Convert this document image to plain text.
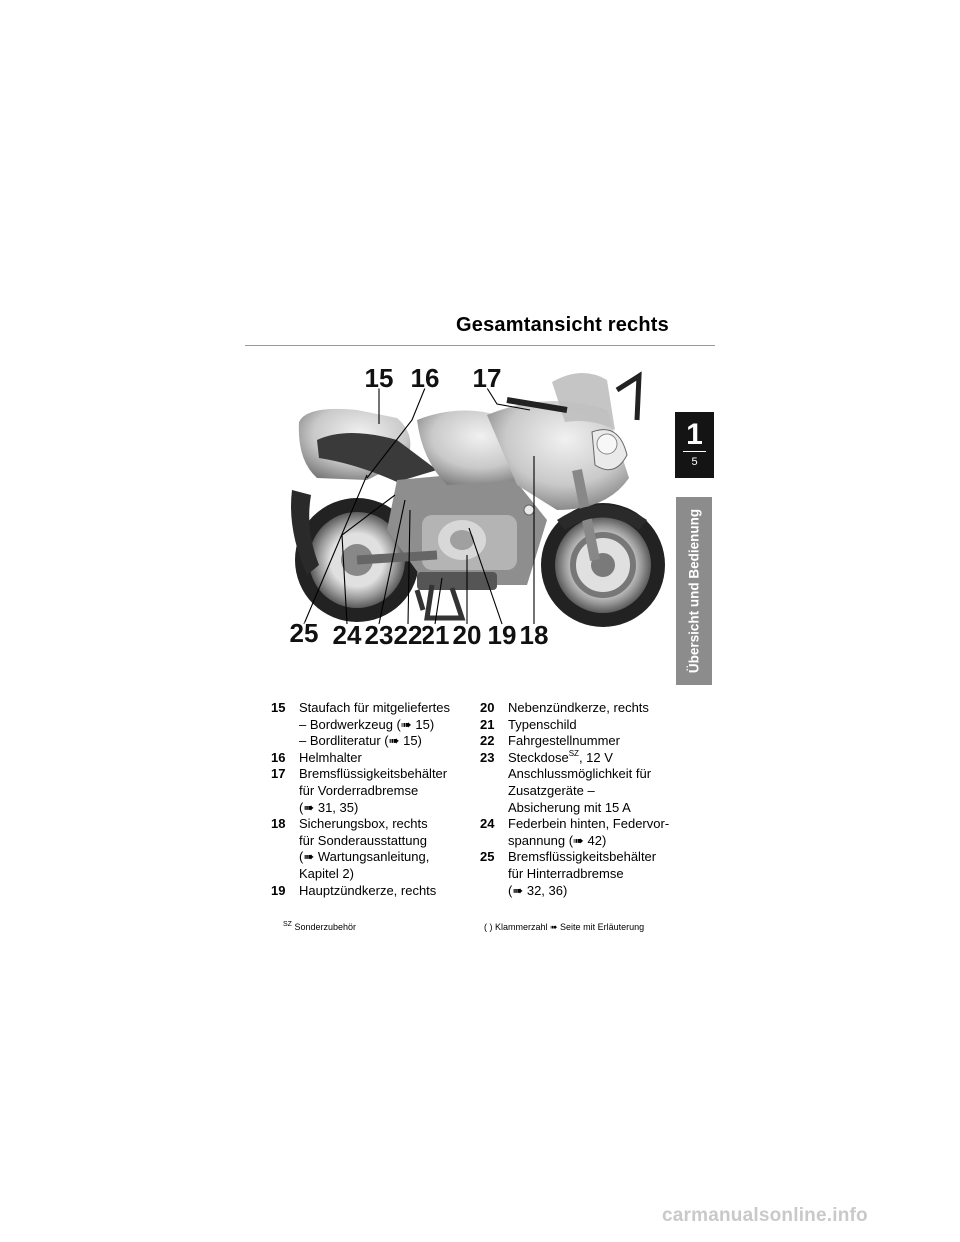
Gesamtansicht rechts
1
5
Übersicht und Bedienung
15 16 17
18
19
20
21
22
23
24
25
15 Staufach für mitgeliefertes
– Bordwerkzeug (➠ 15)
– Bordliteratur (➠ 15)
16 Helmhalter
17 Bremsflüssigkeitsbehälter
für Vorderradbremse
(➠ 31, 35)
18 Sicherungsbox, rechts
für Sonderausstattung
(➠ Wartungsanleitung,
Kapitel 2)
19 Hauptzündkerze, rechts
20 Nebenzündkerze, rechts
21 Typenschild
22 Fahrgestellnummer
23 Steckdose$^{SZ}$, 12 V
Anschlussmöglichkeit für
Zusatzgeräte –
Absicherung mit 15 A
24 Federbein hinten, Federvor-
spannung (➠ 42)
25 Bremsflüssigkeitsbehälter
für Hinterradbremse
(➠ 32, 36)
$^{SZ}$ Sonderzubehör	( ) Klammerzahl ➠ Seite mit Erläuterung
carmanualsonline.info
